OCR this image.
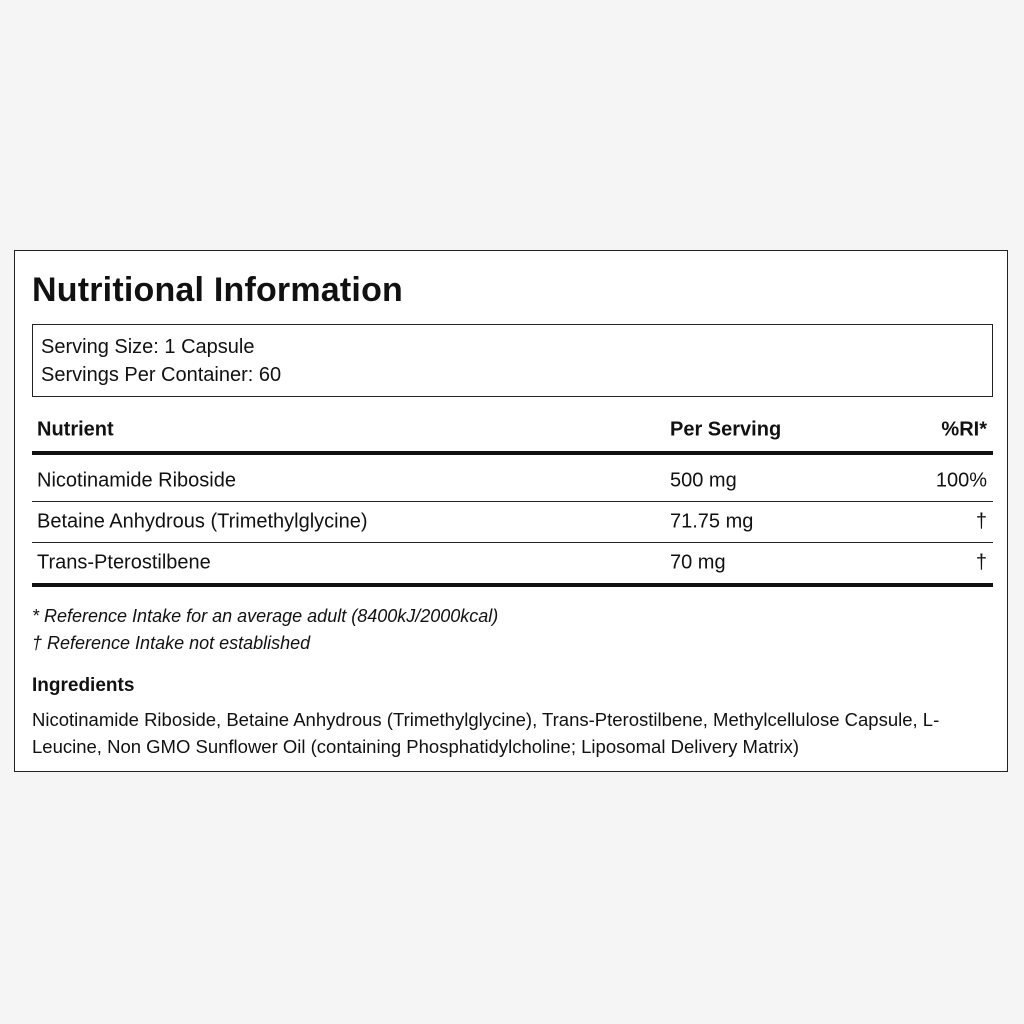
Nutritional Information
Serving Size: 1 Capsule
Servings Per Container: 60
Nutrient	Per Serving	%RI*
Nicotinamide Riboside	500 mg	100%
Betaine Anhydrous (Trimethylglycine)	71.75 mg	†
Trans-Pterostilbene	70 mg	†
* Reference Intake for an average adult (8400kJ/2000kcal)
† Reference Intake not established
Ingredients
Nicotinamide Riboside, Betaine Anhydrous (Trimethylglycine), Trans-Pterostilbene, Methylcellulose Capsule, L-Leucine, Non GMO Sunflower Oil (containing Phosphatidylcholine; Liposomal Delivery Matrix)
